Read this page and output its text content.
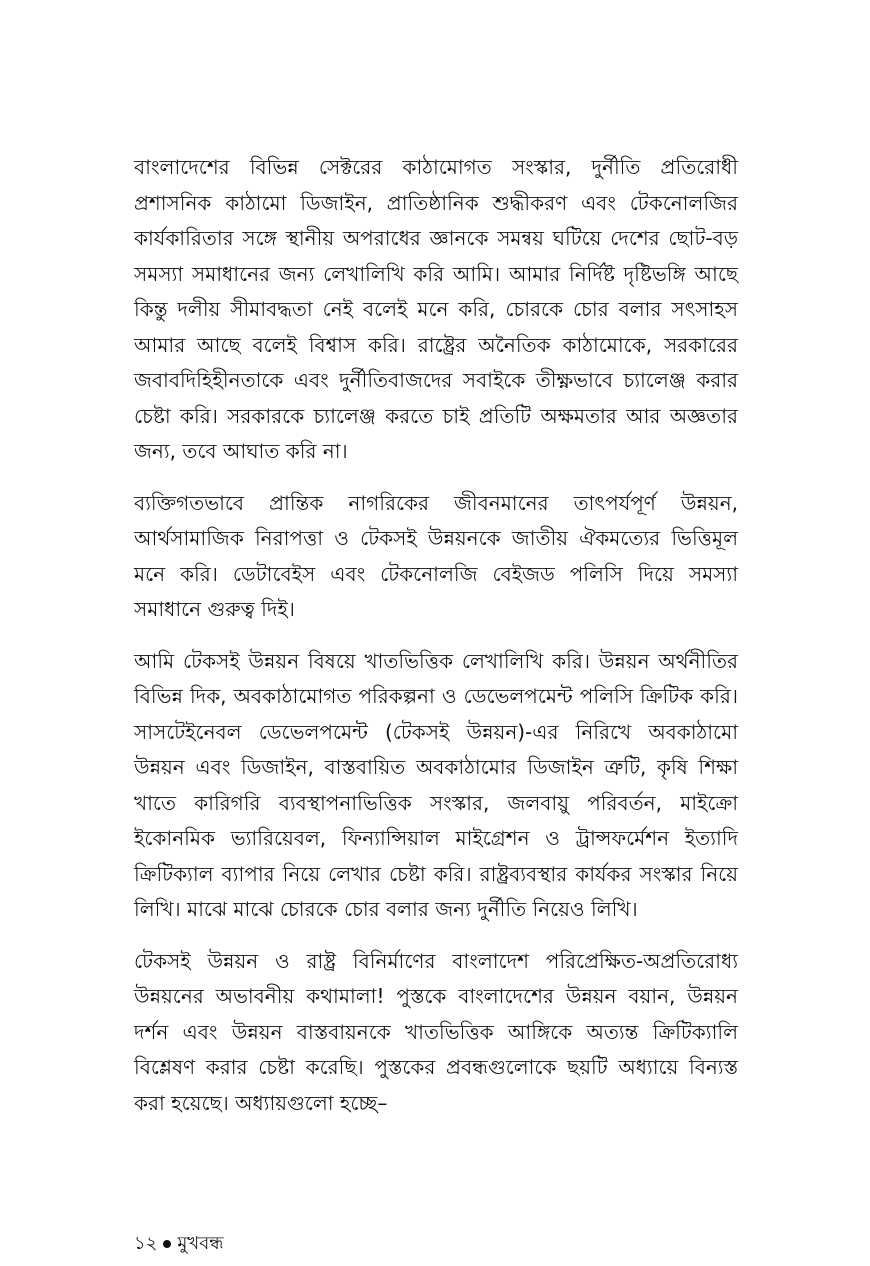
বাংলাদেশের বিভিন্ন সেক্টরের কাঠামোগত সংস্কার, দুর্নীতি প্রতিরোধী প্রশাসনিক কাঠামো ডিজাইন, প্রাতিষ্ঠানিক শুদ্ধীকরণ এবং টেকনোলজির কার্যকারিতার সঙ্গে স্থানীয় অপরাধের জ্ঞানকে সমন্বয় ঘটিয়ে দেশের ছোট-বড় সমস্যা সমাধানের জন্য লেখালিখি করি আমি। আমার নির্দিষ্ট দৃষ্টিভঙ্গি আছে কিন্তু দলীয় সীমাবদ্ধতা নেই বলেই মনে করি, চোরকে চোর বলার সৎসাহস আমার আছে বলেই বিশ্বাস করি। রাষ্ট্রের অনৈতিক কাঠামোকে, সরকারের জবাবদিহিহীনতাকে এবং দুর্নীতিবাজদের সবাইকে তীক্ষ্ণভাবে চ্যালেঞ্জ করার চেষ্টা করি। সরকারকে চ্যালেঞ্জ করতে চাই প্রতিটি অক্ষমতার আর অজ্ঞতার জন্য, তবে আঘাত করি না।

ব্যক্তিগতভাবে প্রান্তিক নাগরিকের জীবনমানের তাৎপর্যপূর্ণ উন্নয়ন, আর্থসামাজিক নিরাপত্তা ও টেকসই উন্নয়নকে জাতীয় ঐকমত্যের ভিত্তিমূল মনে করি। ডেটাবেইস এবং টেকনোলজি বেইজড পলিসি দিয়ে সমস্যা সমাধানে গুরুত্ব দিই।

আমি টেকসই উন্নয়ন বিষয়ে খাতভিত্তিক লেখালিখি করি। উন্নয়ন অর্থনীতির বিভিন্ন দিক, অবকাঠামোগত পরিকল্পনা ও ডেভেলপমেন্ট পলিসি ক্রিটিক করি। সাসটেইনেবল ডেভেলপমেন্ট (টেকসই উন্নয়ন)-এর নিরিখে অবকাঠামো উন্নয়ন এবং ডিজাইন, বাস্তবায়িত অবকাঠামোর ডিজাইন ত্রুটি, কৃষি শিক্ষা খাতে কারিগরি ব্যবস্থাপনাভিত্তিক সংস্কার, জলবায়ু পরিবর্তন, মাইক্রো ইকোনমিক ভ্যারিয়েবল, ফিন্যান্সিয়াল মাইগ্রেশন ও ট্রান্সফর্মেশন ইত্যাদি ক্রিটিক্যাল ব্যাপার নিয়ে লেখার চেষ্টা করি। রাষ্ট্রব্যবস্থার কার্যকর সংস্কার নিয়ে লিখি। মাঝে মাঝে চোরকে চোর বলার জন্য দুর্নীতি নিয়েও লিখি।

টেকসই উন্নয়ন ও রাষ্ট্র বিনির্মাণের বাংলাদেশ পরিপ্রেক্ষিত-অপ্রতিরোধ্য উন্নয়নের অভাবনীয় কথামালা! পুস্তকে বাংলাদেশের উন্নয়ন বয়ান, উন্নয়ন দর্শন এবং উন্নয়ন বাস্তবায়নকে খাতভিত্তিক আঙ্গিকে অত্যন্ত ক্রিটিক্যালি বিশ্লেষণ করার চেষ্টা করেছি। পুস্তকের প্রবন্ধগুলোকে ছয়টি অধ্যায়ে বিন্যস্ত করা হয়েছে। অধ্যায়গুলো হচ্ছে–

১২ মুখবন্ধ
